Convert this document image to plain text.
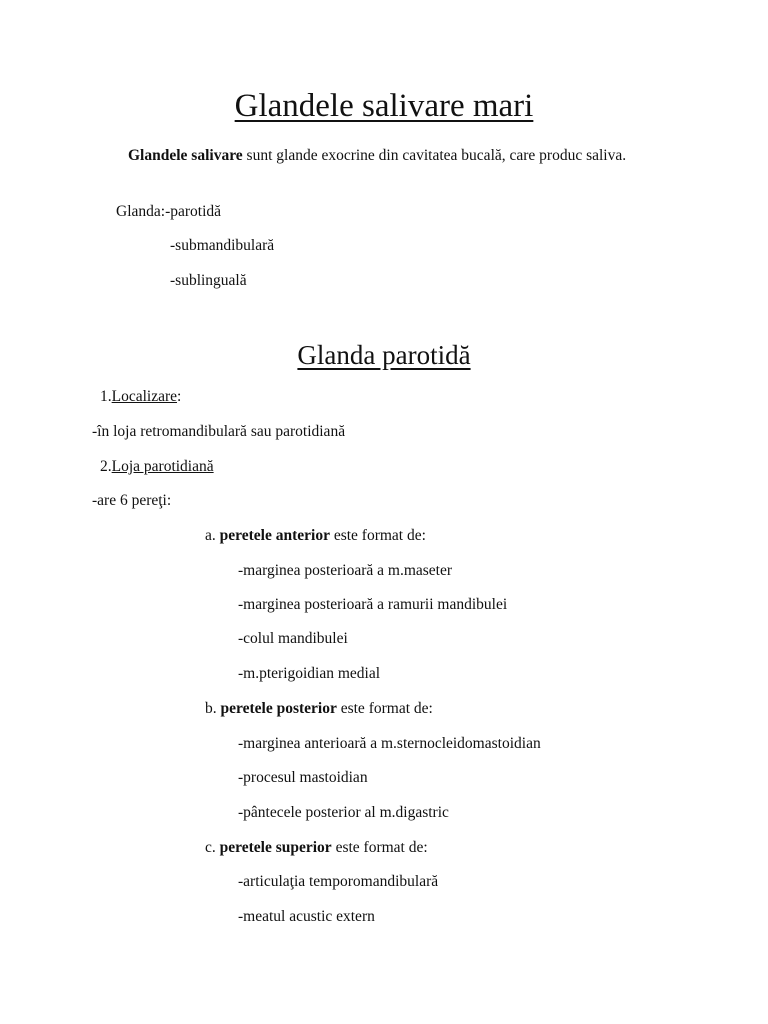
Glandele salivare mari

Glandele salivare sunt glande exocrine din cavitatea bucală, care produc saliva.

Glanda:-parotidă
-submandibulară
-sublinguală
Glanda parotidă
1.Localizare:
-în loja retromandibulară sau parotidiană
2.Loja parotidiană
-are 6 pereţi:
a. peretele anterior este format de:
-marginea posterioară a m.maseter
-marginea posterioară a ramurii mandibulei
-colul mandibulei
-m.pterigoidian medial
b. peretele posterior este format de:
-marginea anterioară a m.sternocleidomastoidian
-procesul mastoidian
-pântecele posterior al m.digastric
c. peretele superior este format de:
-articulaţia temporomandibulară
-meatul acustic extern
